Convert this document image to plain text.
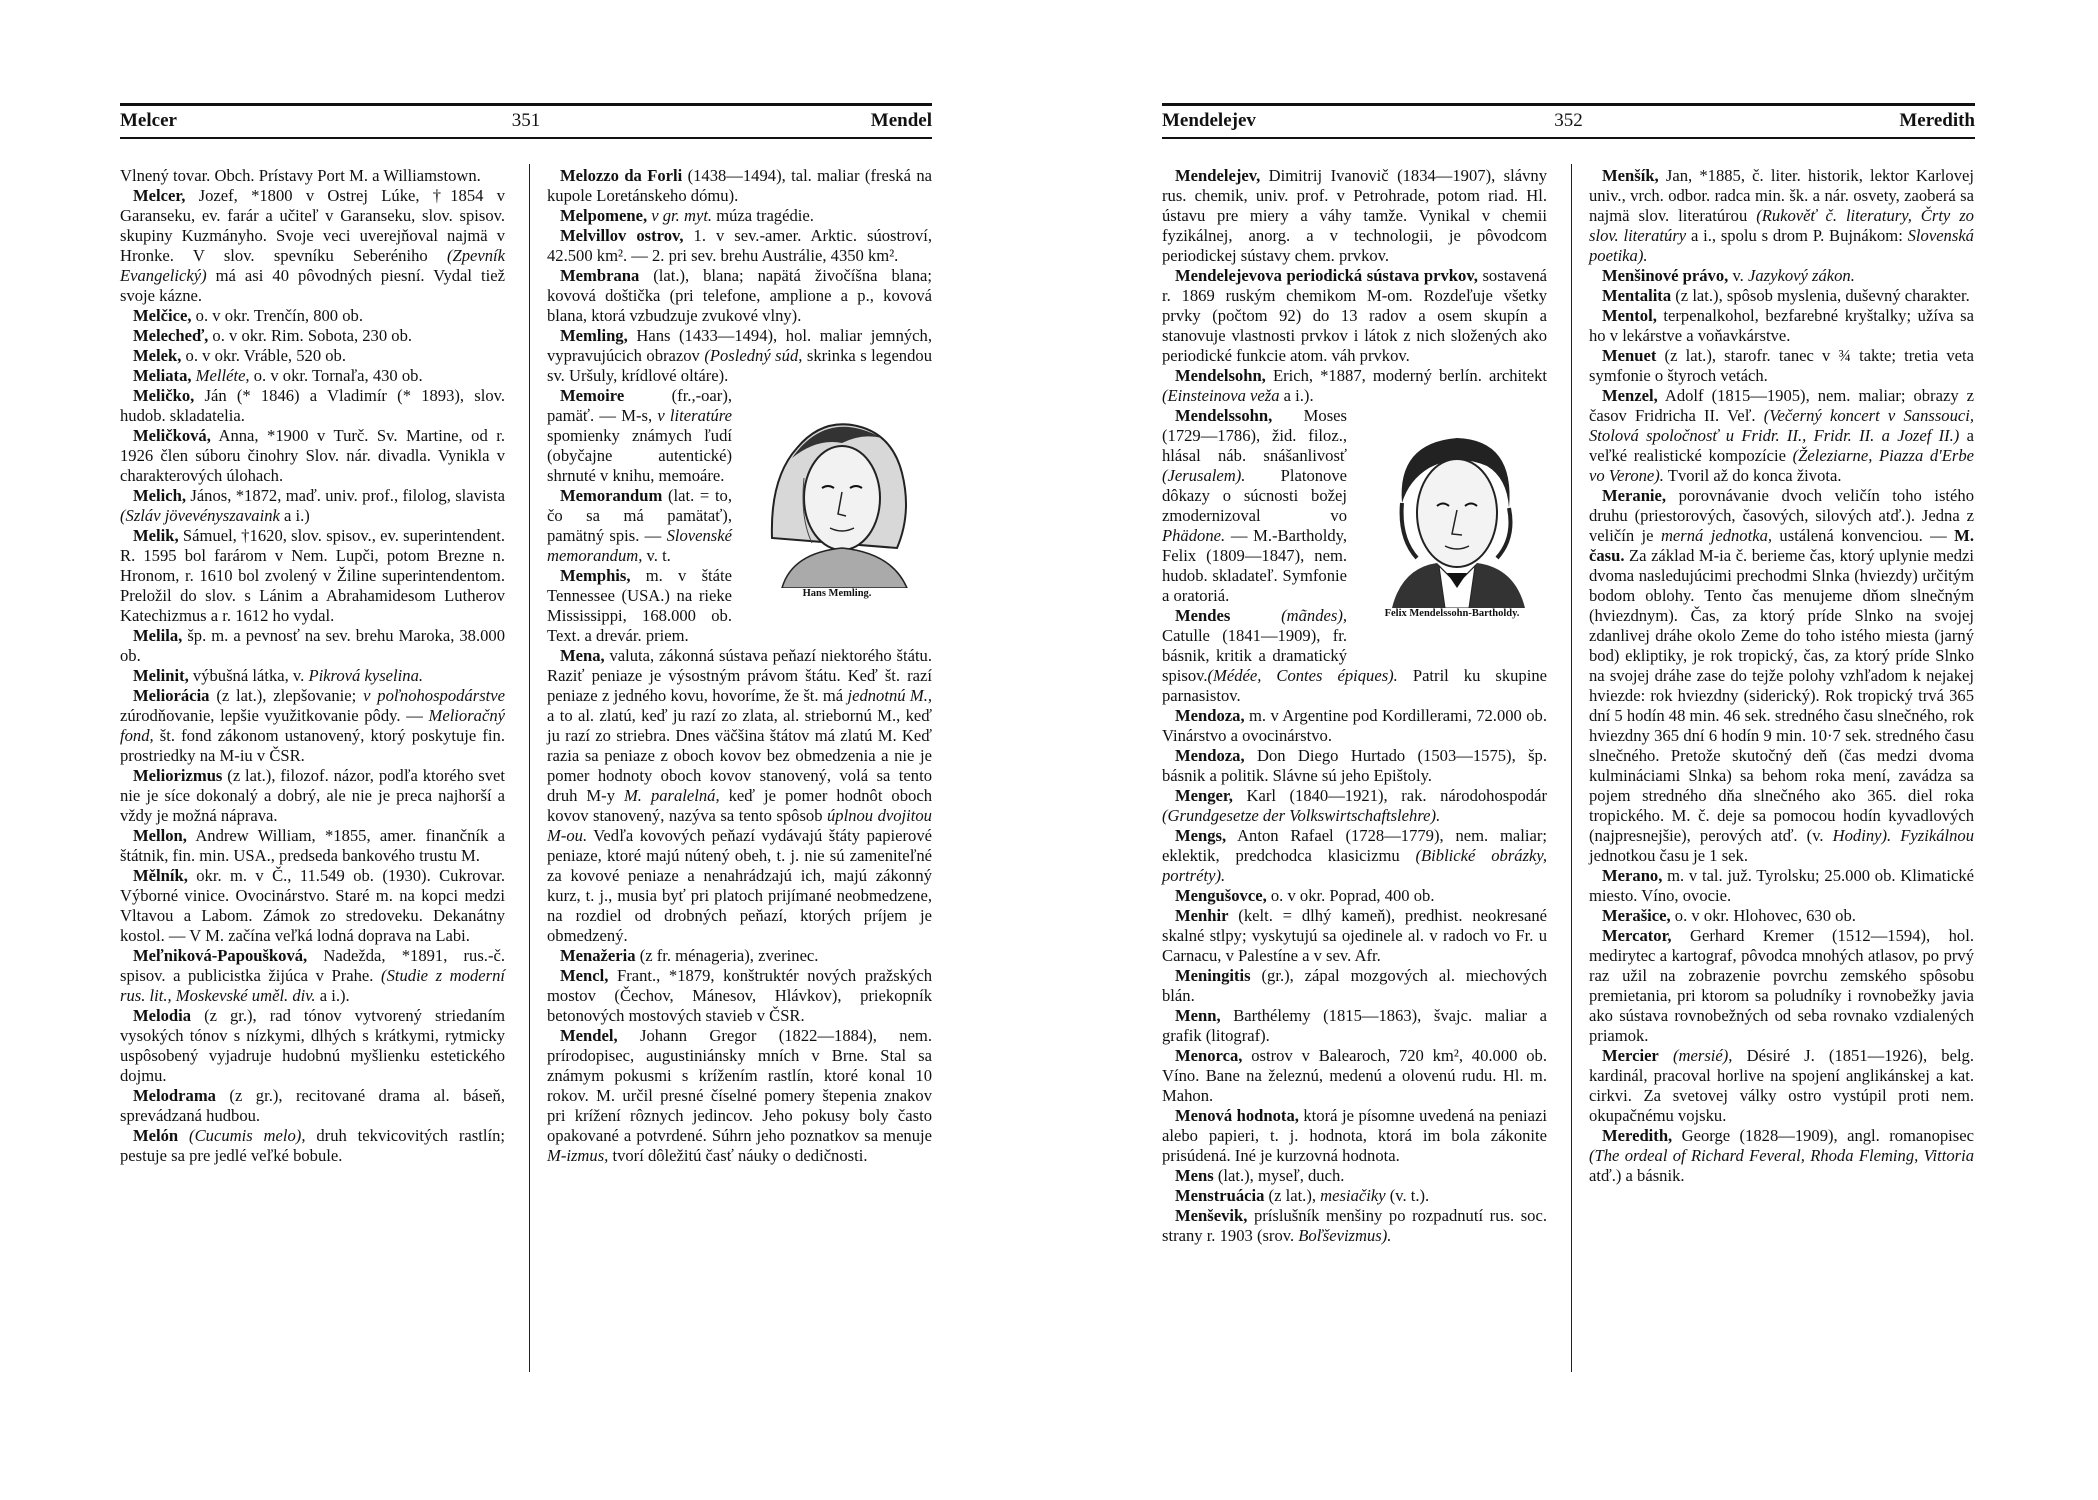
Melcer	351	Mendel
Vlnený tovar. Obch. Prístavy Port M. a Williamstown.
Melcer, Jozef, *1800 v Ostrej Lúke, †1854 v Garanseku, ev. farár a učiteľ v Garanseku, slov. spisov. skupiny Kuzmányho. Svoje veci uverejňoval najmä v Hronke. V slov. spevníku Seberéniho (Zpevník Evangelický) má asi 40 pôvodných piesní. Vydal tiež svoje kázne.
Melčice, o. v okr. Trenčín, 800 ob.
Melecheď, o. v okr. Rim. Sobota, 230 ob.
Melek, o. v okr. Vráble, 520 ob.
Meliata, Melléte, o. v okr. Tornaľa, 430 ob.
Meličko, Ján (* 1846) a Vladimír (* 1893), slov. hudob. skladatelia.
Meličková, Anna, *1900 v Turč. Sv. Martine, od r. 1926 člen súboru činohry Slov. nár. divadla. Vynikla v charakterových úlohach.
Melich, János, *1872, maď. univ. prof., filolog, slavista (Szláv jövevényszavaink a i.)
Melik, Sámuel, †1620, slov. spisov., ev. superintendent. R. 1595 bol farárom v Nem. Lupči, potom Brezne n. Hronom, r. 1610 bol zvolený v Žiline superintendentom. Preložil do slov. s Lánim a Abrahamidesom Lutherov Katechizmus a r. 1612 ho vydal.
Melila, šp. m. a pevnosť na sev. brehu Maroka, 38.000 ob.
Melinit, výbušná látka, v. Pikrová kyselina.
Meliorácia (z lat.), zlepšovanie; v poľnohospodárstve zúrodňovanie, lepšie využitkovanie pôdy. — Melioračný fond, št. fond zákonom ustanovený, ktorý poskytuje fin. prostriedky na M-iu v ČSR.
Meliorizmus (z lat.), filozof. názor, podľa ktorého svet nie je síce dokonalý a dobrý, ale nie je preca najhorší a vždy je možná náprava.
Mellon, Andrew William, *1855, amer. finančník a štátnik, fin. min. USA., predseda bankového trustu M.
Mělník, okr. m. v Č., 11.549 ob. (1930). Cukrovar. Výborné vinice. Ovocinárstvo. Staré m. na kopci medzi Vltavou a Labom. Zámok zo stredoveku. Dekanátny kostol. — V M. začína veľká lodná doprava na Labi.
Meľniková-Papoušková, Nadežda, *1891, rus.-č. spisov. a publicistka žijúca v Prahe. (Studie z moderní rus. lit., Moskevské uměl. div. a i.).
Melodia (z gr.), rad tónov vytvorený striedaním vysokých tónov s nízkymi, dlhých s krátkymi, rytmicky uspôsobený vyjadruje hudobnú myšlienku estetického dojmu.
Melodrama (z gr.), recitované drama al. báseň, sprevádzaná hudbou.
Melón (Cucumis melo), druh tekvicovitých rastlín; pestuje sa pre jedlé veľké bobule.
Melozzo da Forli (1438—1494), tal. maliar (freská na kupole Loretánskeho dómu).
Melpomene, v gr. myt. múza tragédie.
Melvillov ostrov, 1. v sev.-amer. Arktic. súostroví, 42.500 km². — 2. pri sev. brehu Austrálie, 4350 km².
Membrana (lat.), blana; napätá živočíšna blana; kovová doštička (pri telefone, amplione a p., kovová blana, ktorá vzbudzuje zvukové vlny).
Memling, Hans (1433—1494), hol. maliar jemných, vypravujúcich obrazov (Posledný súd, skrinka s legendou sv. Uršuly, krídlové oltáre).
Hans Memling.
Memoire (fr.,-oar), pamäť. — M-s, v literatúre spomienky známych ľudí (obyčajne autentické) shrnuté v knihu, memoáre.
Memorandum (lat. = to, čo sa má pamätať), pamätný spis. — Slovenské memorandum, v. t.
Memphis, m. v štáte Tennessee (USA.) na rieke Mississippi, 168.000 ob. Text. a drevár. priem.
Mena, valuta, zákonná sústava peňazí niektorého štátu. Raziť peniaze je výsostným právom štátu. Keď št. razí peniaze z jedného kovu, hovoríme, že št. má jednotnú M., a to al. zlatú, keď ju razí zo zlata, al. striebornú M., keď ju razí zo striebra. Dnes väčšina štátov má zlatú M. Keď razia sa peniaze z oboch kovov bez obmedzenia a nie je pomer hodnoty oboch kovov stanovený, volá sa tento druh M-y M. paralelná, keď je pomer hodnôt oboch kovov stanovený, nazýva sa tento spôsob úplnou dvojitou M-ou. Vedľa kovových peňazí vydávajú štáty papierové peniaze, ktoré majú nútený obeh, t. j. nie sú zameniteľné za kovové peniaze a nenahrádzajú ich, majú zákonný kurz, t. j., musia byť pri platoch prijímané neobmedzene, na rozdiel od drobných peňazí, ktorých príjem je obmedzený.
Menažeria (z fr. ménageria), zverinec.
Mencl, Frant., *1879, konštruktér nových pražských mostov (Čechov, Mánesov, Hlávkov), priekopník betonových mostových stavieb v ČSR.
Mendel, Johann Gregor (1822—1884), nem. prírodopisec, augustiniánsky mních v Brne. Stal sa známym pokusmi s krížením rastlín, ktoré konal 10 rokov. M. určil presné číselné pomery štepenia znakov pri krížení rôznych jedincov. Jeho pokusy boly často opakované a potvrdené. Súhrn jeho poznatkov sa menuje M-izmus, tvorí dôležitú časť náuky o dedičnosti.
Mendelejev	352	Meredith
Mendelejev, Dimitrij Ivanovič (1834—1907), slávny rus. chemik, univ. prof. v Petrohrade, potom riad. Hl. ústavu pre miery a váhy tamže. Vynikal v chemii fyzikálnej, anorg. a v technologii, je pôvodcom periodickej sústavy chem. prvkov.
Mendelejevova periodická sústava prvkov, sostavená r. 1869 ruským chemikom M-om. Rozdeľuje všetky prvky (počtom 92) do 13 radov a osem skupín a stanovuje vlastnosti prvkov i látok z nich složených ako periodické funkcie atom. váh prvkov.
Mendelsohn, Erich, *1887, moderný berlín. architekt (Einsteinova veža a i.).
Felix Mendelssohn-Bartholdy.
Mendelssohn, Moses (1729—1786), žid. filoz., hlásal náb. snášanlivosť (Jerusalem). Platonove dôkazy o súcnosti božej zmodernizoval vo Phädone. — M.-Bartholdy, Felix (1809—1847), nem. hudob. skladateľ. Symfonie a oratoriá.
Mendes (mãndes), Catulle (1841—1909), fr. básnik, kritik a dramatický spisov.(Médée, Contes épiques). Patril ku skupine parnasistov.
Mendoza, m. v Argentine pod Kordillerami, 72.000 ob. Vinárstvo a ovocinárstvo.
Mendoza, Don Diego Hurtado (1503—1575), šp. básnik a politik. Slávne sú jeho Epištoly.
Menger, Karl (1840—1921), rak. národohospodár (Grundgesetze der Volkswirtschaftslehre).
Mengs, Anton Rafael (1728—1779), nem. maliar; eklektik, predchodca klasicizmu (Biblické obrázky, portréty).
Mengušovce, o. v okr. Poprad, 400 ob.
Menhir (kelt. = dlhý kameň), predhist. neokresané skalné stlpy; vyskytujú sa ojedinele al. v radoch vo Fr. u Carnacu, v Palestíne a v sev. Afr.
Meningitis (gr.), zápal mozgových al. miechových blán.
Menn, Barthélemy (1815—1863), švajc. maliar a grafik (litograf).
Menorca, ostrov v Balearoch, 720 km², 40.000 ob. Víno. Bane na železnú, medenú a olovenú rudu. Hl. m. Mahon.
Menová hodnota, ktorá je písomne uvedená na peniazi alebo papieri, t. j. hodnota, ktorá im bola zákonite prisúdená. Iné je kurzovná hodnota.
Mens (lat.), myseľ, duch.
Menstruácia (z lat.), mesiačiky (v. t.).
Menševik, príslušník menšiny po rozpadnutí rus. soc. strany r. 1903 (srov. Boľševizmus).
Menšík, Jan, *1885, č. liter. historik, lektor Karlovej univ., vrch. odbor. radca min. šk. a nár. osvety, zaoberá sa najmä slov. literatúrou (Rukověť č. literatury, Črty zo slov. literatúry a i., spolu s drom P. Bujnákom: Slovenská poetika).
Menšinové právo, v. Jazykový zákon.
Mentalita (z lat.), spôsob myslenia, duševný charakter.
Mentol, terpenalkohol, bezfarebné kryštalky; užíva sa ho v lekárstve a voňavkárstve.
Menuet (z lat.), starofr. tanec v ¾ takte; tretia veta symfonie o štyroch vetách.
Menzel, Adolf (1815—1905), nem. maliar; obrazy z časov Fridricha II. Veľ. (Večerný koncert v Sanssouci, Stolová spoločnosť u Fridr. II., Fridr. II. a Jozef II.) a veľké realistické kompozície (Železiarne, Piazza d'Erbe vo Verone). Tvoril až do konca života.
Meranie, porovnávanie dvoch veličín toho istého druhu (priestorových, časových, silových atď.). Jedna z veličín je merná jednotka, ustálená konvenciou. — M. času. Za základ M-ia č. berieme čas, ktorý uplynie medzi dvoma nasledujúcimi prechodmi Slnka (hviezdy) určitým bodom oblohy. Tento čas menujeme dňom slnečným (hviezdnym). Čas, za ktorý príde Slnko na svojej zdanlivej dráhe okolo Zeme do toho istého miesta (jarný bod) ekliptiky, je rok tropický, čas, za ktorý príde Slnko na svojej dráhe zase do tejže polohy vzhľadom k nejakej hviezde: rok hviezdny (siderický). Rok tropický trvá 365 dní 5 hodín 48 min. 46 sek. stredného času slnečného, rok hviezdny 365 dní 6 hodín 9 min. 10·7 sek. stredného času slnečného. Pretože skutočný deň (čas medzi dvoma kulmináciami Slnka) sa behom roka mení, zavádza sa pojem stredného dňa slnečného ako 365. diel roka tropického. M. č. deje sa pomocou hodín kyvadlových (najpresnejšie), perových atď. (v. Hodiny). Fyzikálnou jednotkou času je 1 sek.
Merano, m. v tal. juž. Tyrolsku; 25.000 ob. Klimatické miesto. Víno, ovocie.
Merašice, o. v okr. Hlohovec, 630 ob.
Mercator, Gerhard Kremer (1512—1594), hol. medirytec a kartograf, pôvodca mnohých atlasov, po prvý raz užil na zobrazenie povrchu zemského spôsobu premietania, pri ktorom sa poludníky i rovnobežky javia ako sústava rovnobežných od seba rovnako vzdialených priamok.
Mercier (mersié), Désiré J. (1851—1926), belg. kardinál, pracoval horlive na spojení anglikánskej a kat. cirkvi. Za svetovej války ostro vystúpil proti nem. okupačnému vojsku.
Meredith, George (1828—1909), angl. romanopisec (The ordeal of Richard Feveral, Rhoda Fleming, Vittoria atď.) a básnik.
